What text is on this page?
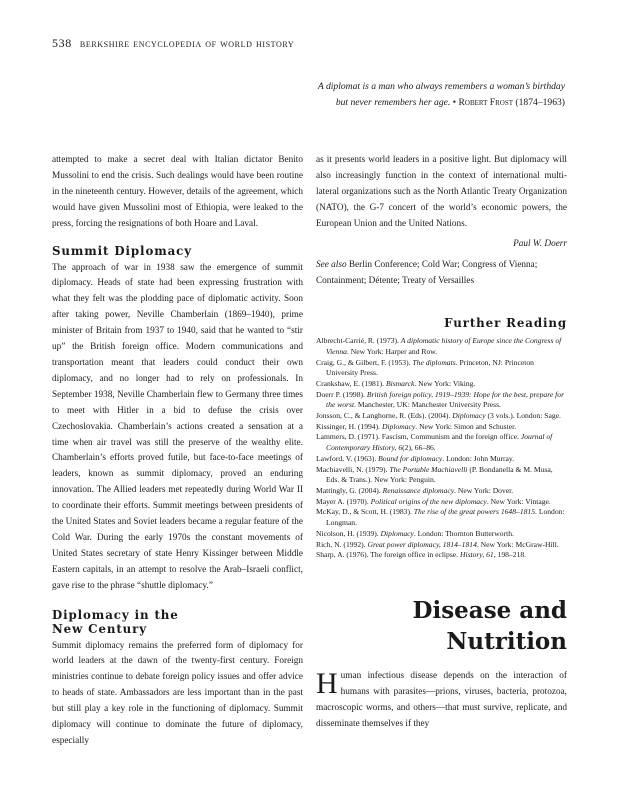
538 berkshire encyclopedia of world history
A diplomat is a man who always remembers a woman’s birthday
but never remembers her age. • Robert Frost (1874–1963)

attempted to make a secret deal with Italian dictator Benito Mussolini to end the crisis. Such dealings would have been routine in the nineteenth century. However, details of the agreement, which would have given Mussolini most of Ethiopia, were leaked to the press, forcing the resignations of both Hoare and Laval.

Summit Diplomacy

The approach of war in 1938 saw the emergence of summit diplomacy. Heads of state had been expressing frustration with what they felt was the plodding pace of diplomatic activity. Soon after taking power, Neville Chamberlain (1869–1940), prime minister of Britain from 1937 to 1940, said that he wanted to “stir up” the British foreign office. Modern communications and transportation meant that leaders could conduct their own diplomacy, and no longer had to rely on professionals. In September 1938, Neville Chamberlain flew to Germany three times to meet with Hitler in a bid to defuse the crisis over Czechoslovakia. Chamberlain’s actions created a sensation at a time when air travel was still the preserve of the wealthy elite. Chamberlain’s efforts proved futile, but face-to-face meetings of leaders, known as summit diplomacy, proved an enduring innovation. The Allied leaders met repeatedly during World War II to coordinate their efforts. Summit meetings between presidents of the United States and Soviet leaders became a regular feature of the Cold War. During the early 1970s the constant movements of United States secretary of state Henry Kissinger between Middle Eastern capitals, in an attempt to resolve the Arab–Israeli conflict, gave rise to the phrase “shuttle diplomacy.”

Diplomacy in the
New Century

Summit diplomacy remains the preferred form of diplomacy for world leaders at the dawn of the twenty-first century. Foreign ministries continue to debate foreign policy issues and offer advice to heads of state. Ambassadors are less important than in the past but still play a key role in the functioning of diplomacy. Summit diplomacy will continue to dominate the future of diplomacy, especially

as it presents world leaders in a positive light. But diplomacy will also increasingly function in the context of international multi-lateral organizations such as the North Atlantic Treaty Organization (NATO), the G-7 concert of the world’s economic powers, the European Union and the United Nations.

Paul W. Doerr

See also Berlin Conference; Cold War; Congress of Vienna; Containment; Détente; Treaty of Versailles

Further Reading
Albrecht-Carrié, R. (1973). A diplomatic history of Europe since the Congress of Vienna. New York: Harper and Row.
Craig, G., & Gilbert, F. (1953). The diplomats. Princeton, NJ: Princeton University Press.
Crankshaw, E. (1981). Bismarck. New York: Viking.
Doerr P. (1998). British foreign policy, 1919–1939: Hope for the best, prepare for the worst. Manchester, UK: Manchester University Press.
Jonsson, C., & Langhorne, R. (Eds). (2004). Diplomacy (3 vols.). London: Sage.
Kissinger, H. (1994). Diplomacy. New York: Simon and Schuster.
Lammers, D. (1971). Fascism, Communism and the foreign office. Journal of Contemporary History, 6(2), 66–86.
Lawford, V. (1963). Bound for diplomacy. London: John Murray.
Machiavelli, N. (1979). The Portable Machiavelli (P. Bondanella & M. Musa, Eds. & Trans.). New York: Penguin.
Mattingly, G. (2004). Renaissance diplomacy. New York: Dover.
Mayer A. (1970). Political origins of the new diplomacy. New York: Vintage.
McKay, D., & Scott, H. (1983). The rise of the great powers 1648–1815. London: Longman.
Nicolson, H. (1939). Diplomacy. London: Thornton Butterworth.
Rich, N. (1992). Great power diplomacy, 1814–1814. New York: McGraw-Hill.
Sharp, A. (1976). The foreign office in eclipse. History, 61, 198–218.
Disease and
Nutrition

Human infectious disease depends on the interaction of humans with parasites—prions, viruses, bacteria, protozoa, macroscopic worms, and others—that must survive, replicate, and disseminate themselves if they
